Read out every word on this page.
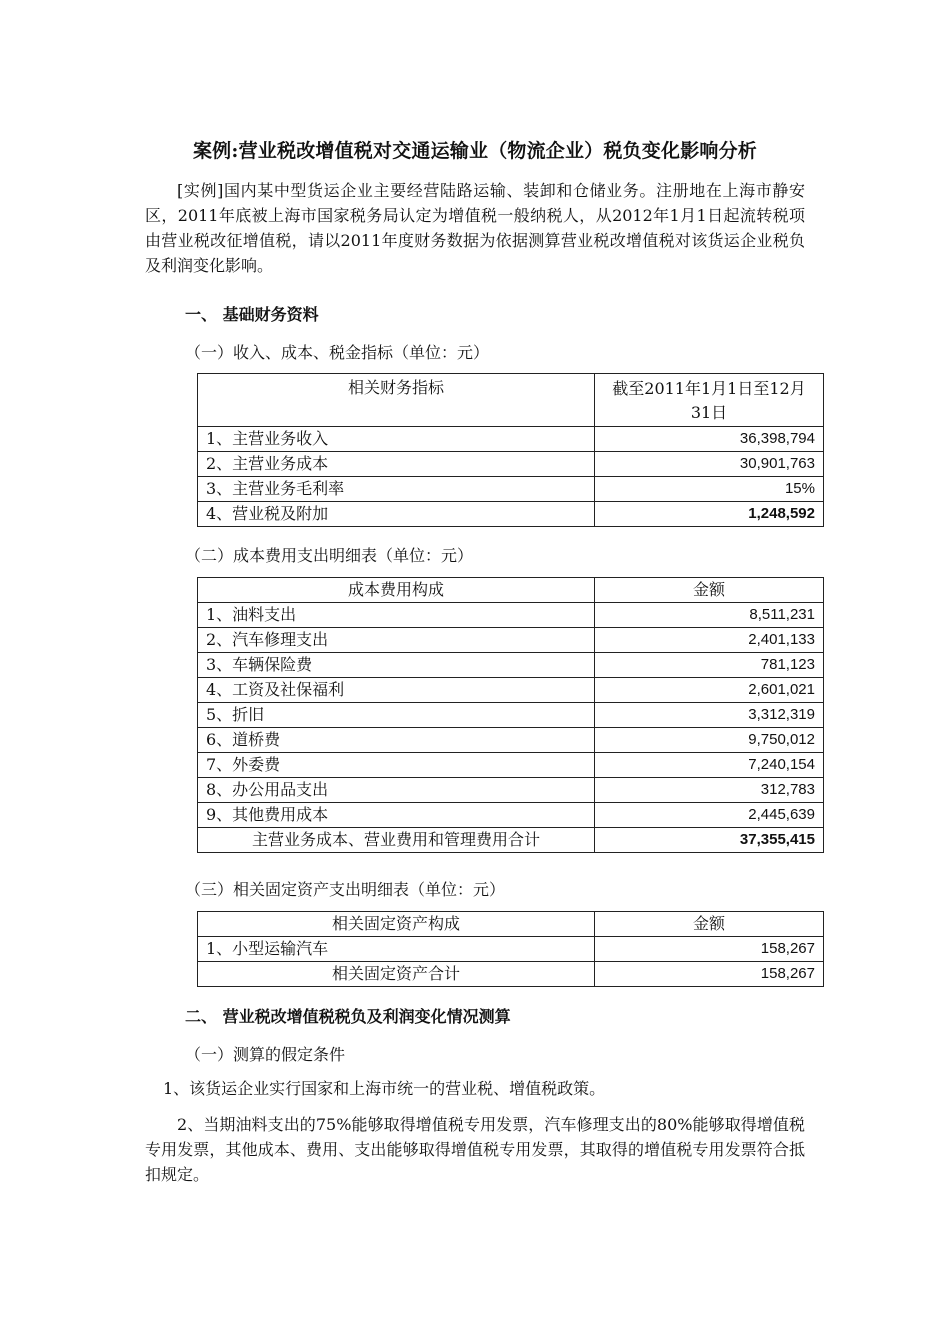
案例:营业税改增值税对交通运输业（物流企业）税负变化影响分析

[实例]国内某中型货运企业主要经营陆路运输、装卸和仓储业务。注册地在上海市静安区，2011年底被上海市国家税务局认定为增值税一般纳税人，从2012年1月1日起流转税项由营业税改征增值税，请以2011年度财务数据为依据测算营业税改增值税对该货运企业税负及利润变化影响。

一、 基础财务资料
（一）收入、成本、税金指标（单位：元）
相关财务指标	截至2011年1月1日至12月31日
1、主营业务收入	36,398,794
2、主营业务成本	30,901,763
3、主营业务毛利率	15%
4、营业税及附加	1,248,592
（二）成本费用支出明细表（单位：元）
成本费用构成	金额
1、油料支出	8,511,231
2、汽车修理支出	2,401,133
3、车辆保险费	781,123
4、工资及社保福利	2,601,021
5、折旧	3,312,319
6、道桥费	9,750,012
7、外委费	7,240,154
8、办公用品支出	312,783
9、其他费用成本	2,445,639
主营业务成本、营业费用和管理费用合计	37,355,415
（三）相关固定资产支出明细表（单位：元）
相关固定资产构成	金额
1、小型运输汽车	158,267
相关固定资产合计	158,267
二、 营业税改增值税税负及利润变化情况测算
（一）测算的假定条件
1、该货运企业实行国家和上海市统一的营业税、增值税政策。

2、当期油料支出的75%能够取得增值税专用发票，汽车修理支出的80%能够取得增值税专用发票，其他成本、费用、支出能够取得增值税专用发票，其取得的增值税专用发票符合抵扣规定。
